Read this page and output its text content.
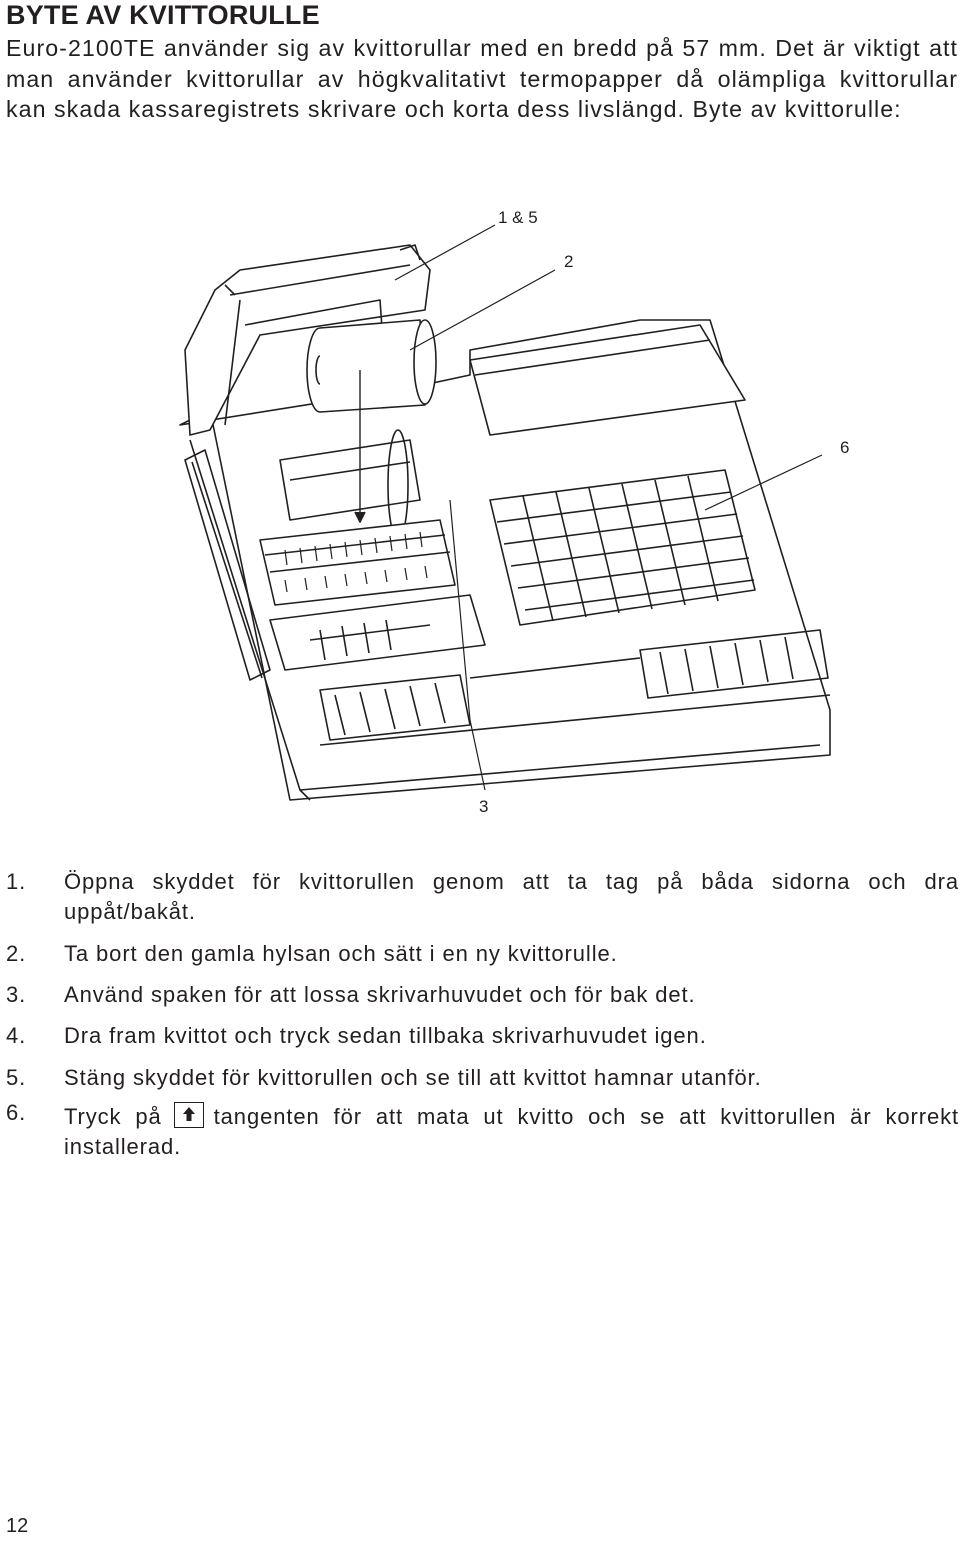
BYTE AV KVITTORULLE
Euro-2100TE använder sig av kvittorullar med en bredd på 57 mm. Det är viktigt att man använder kvittorullar av högkvalitativt termopapper då olämpliga kvittorullar kan skada kassaregistrets skrivare och korta dess livslängd. Byte av kvittorulle:
1 & 5
2
6
3
1. Öppna skyddet för kvittorullen genom att ta tag på båda sidorna och dra uppåt/bakåt.
2. Ta bort den gamla hylsan och sätt i en ny kvittorulle.
3. Använd spaken för att lossa skrivarhuvudet och för bak det.
4. Dra fram kvittot och tryck sedan tillbaka skrivarhuvudet igen.
5. Stäng skyddet för kvittorullen och se till att kvittot hamnar utanför.
6. Tryck på tangenten för att mata ut kvitto och se att kvittorullen är korrekt installerad.
12
